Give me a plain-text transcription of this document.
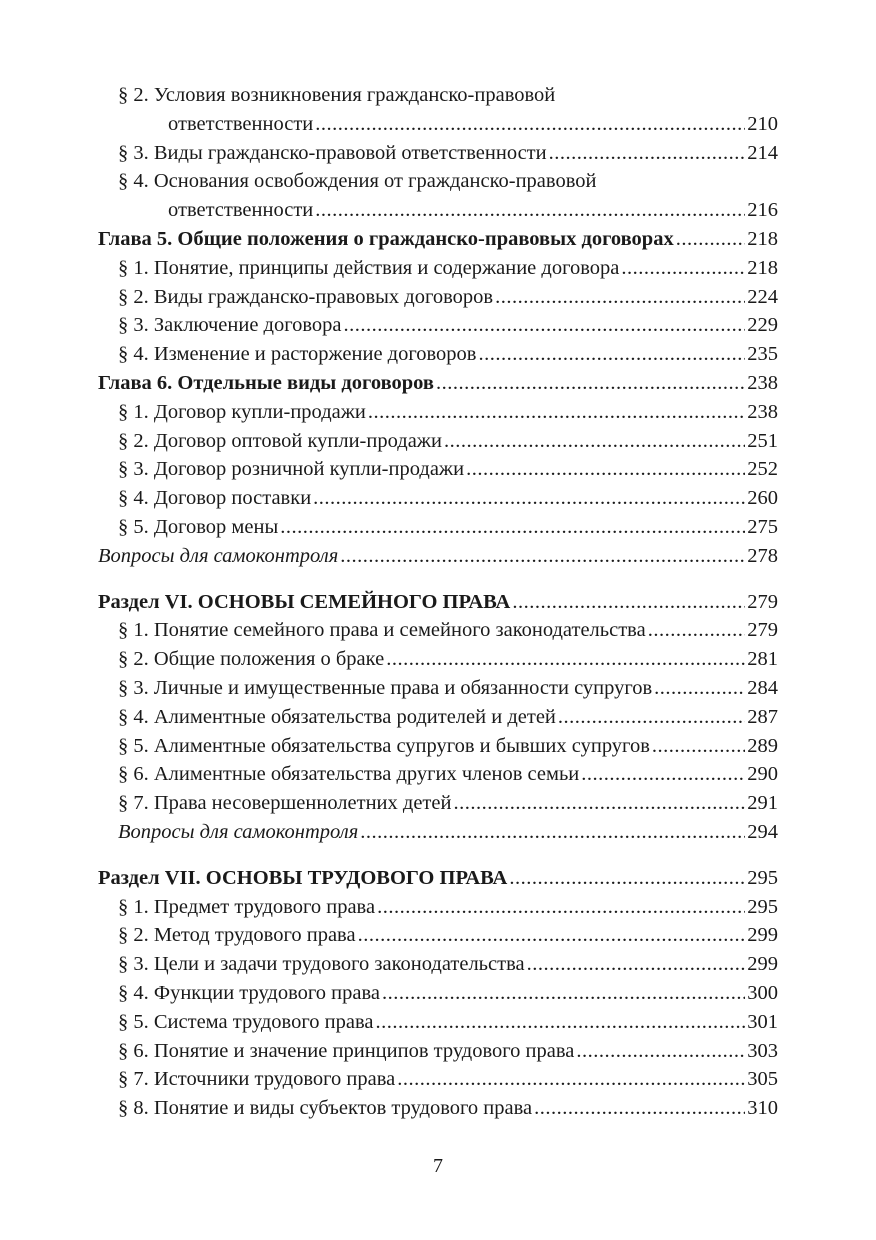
§ 2. Условия возникновения гражданско-правовой
ответственности .....	210
§ 3. Виды гражданско-правовой ответственности .....	214
§ 4. Основания освобождения от гражданско-правовой
ответственности .....	216
Глава 5. Общие положения о гражданско-правовых договорах .....	218
§ 1. Понятие, принципы действия и содержание договора .....	218
§ 2. Виды гражданско-правовых договоров .....	224
§ 3. Заключение договора .....	229
§ 4. Изменение и расторжение договоров .....	235
Глава 6. Отдельные виды договоров .....	238
§ 1. Договор купли-продажи .....	238
§ 2. Договор оптовой купли-продажи .....	251
§ 3. Договор розничной купли-продажи .....	252
§ 4. Договор поставки .....	260
§ 5. Договор мены .....	275
Вопросы для самоконтроля .....	278
Раздел VI. ОСНОВЫ СЕМЕЙНОГО ПРАВА .....	279
§ 1. Понятие семейного права и семейного законодательства .....	279
§ 2. Общие положения о браке .....	281
§ 3. Личные и имущественные права и обязанности супругов .....	284
§ 4. Алиментные обязательства родителей и детей .....	287
§ 5. Алиментные обязательства супругов и бывших супругов .....	289
§ 6. Алиментные обязательства других членов семьи .....	290
§ 7. Права несовершеннолетних детей .....	291
Вопросы для самоконтроля .....	294
Раздел VII. ОСНОВЫ ТРУДОВОГО ПРАВА .....	295
§ 1. Предмет трудового права .....	295
§ 2. Метод трудового права .....	299
§ 3. Цели и задачи трудового законодательства .....	299
§ 4. Функции трудового права .....	300
§ 5. Система трудового права .....	301
§ 6. Понятие и значение принципов трудового права .....	303
§ 7. Источники трудового права .....	305
§ 8. Понятие и виды субъектов трудового права .....	310
7
